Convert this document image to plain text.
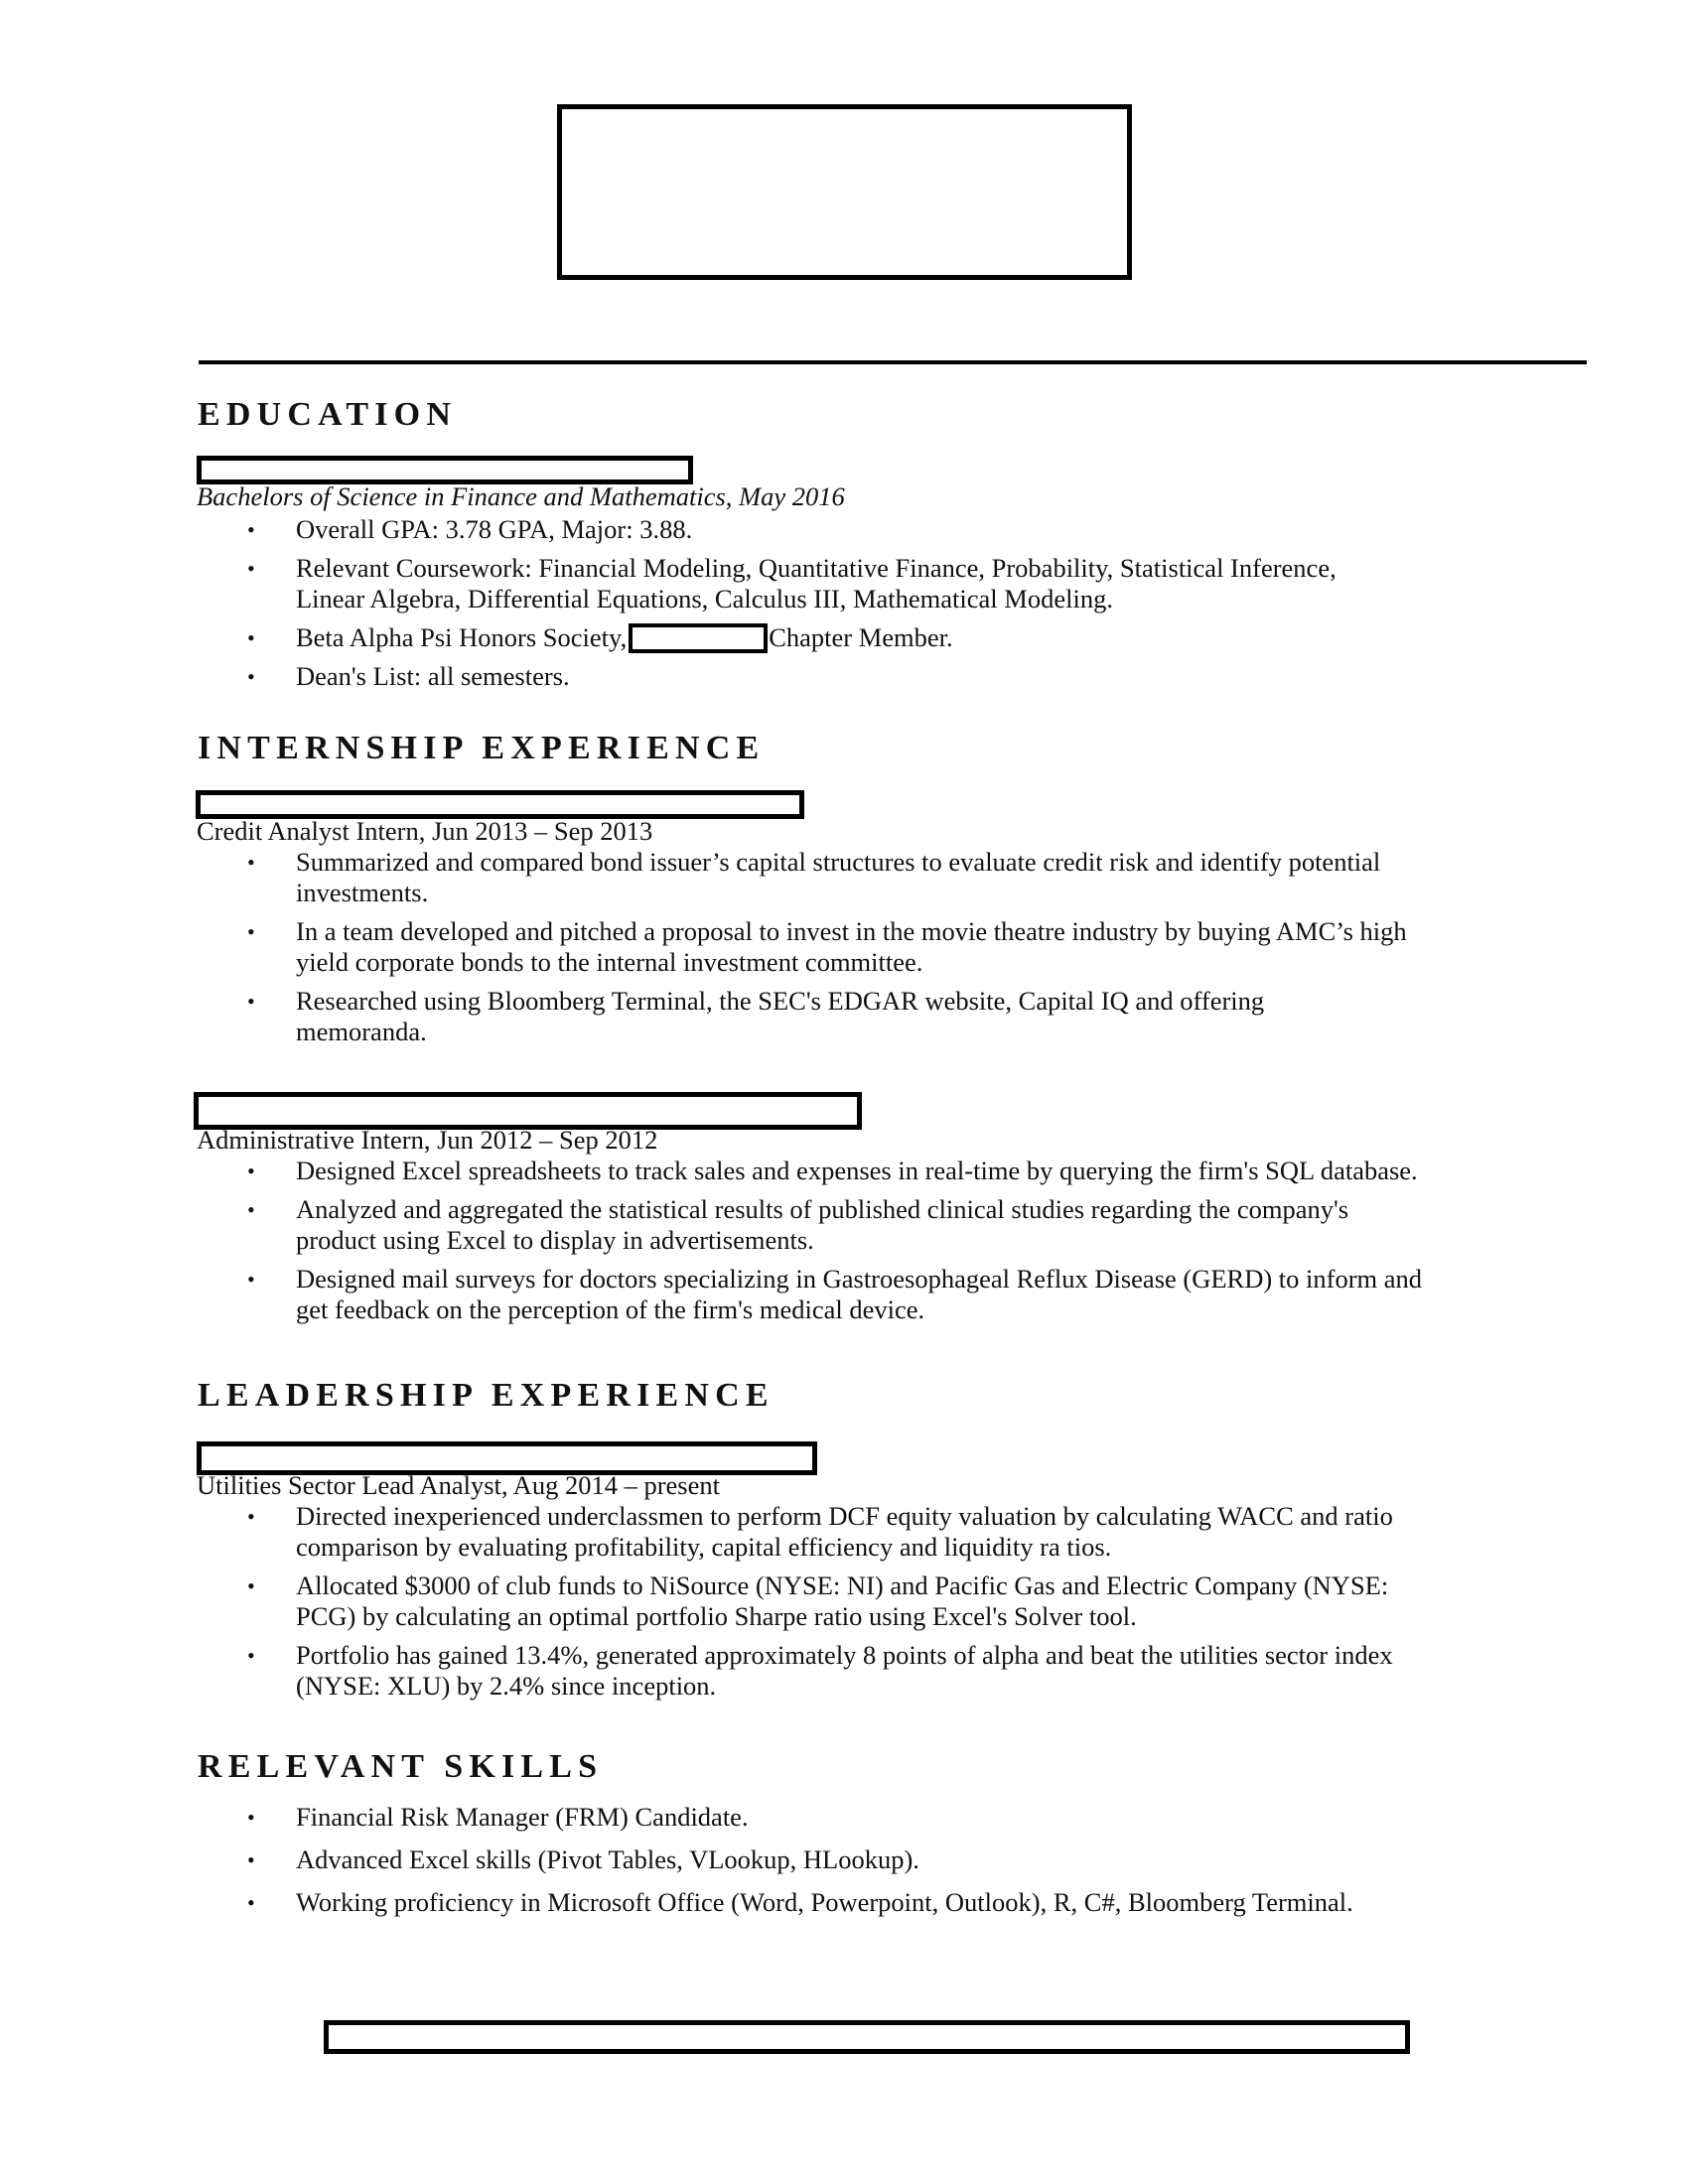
EDUCATION
Bachelors of Science in Finance and Mathematics, May 2016
• Overall GPA: 3.78 GPA, Major: 3.88.
• Relevant Coursework: Financial Modeling, Quantitative Finance, Probability, Statistical Inference, Linear Algebra, Differential Equations, Calculus III, Mathematical Modeling.
• Beta Alpha Psi Honors Society,	Chapter Member.
• Dean's List: all semesters.
INTERNSHIP EXPERIENCE
Credit Analyst Intern, Jun 2013 – Sep 2013
• Summarized and compared bond issuer’s capital structures to evaluate credit risk and identify potential investments.
• In a team developed and pitched a proposal to invest in the movie theatre industry by buying AMC’s high yield corporate bonds to the internal investment committee.
• Researched using Bloomberg Terminal, the SEC's EDGAR website, Capital IQ and offering memoranda.
Administrative Intern, Jun 2012 – Sep 2012
• Designed Excel spreadsheets to track sales and expenses in real-time by querying the firm's SQL database.
• Analyzed and aggregated the statistical results of published clinical studies regarding the company's product using Excel to display in advertisements.
• Designed mail surveys for doctors specializing in Gastroesophageal Reflux Disease (GERD) to inform and get feedback on the perception of the firm's medical device.
LEADERSHIP EXPERIENCE
Utilities Sector Lead Analyst, Aug 2014 – present
• Directed inexperienced underclassmen to perform DCF equity valuation by calculating WACC and ratio comparison by evaluating profitability, capital efficiency and liquidity ra tios.
• Allocated $3000 of club funds to NiSource (NYSE: NI) and Pacific Gas and Electric Company (NYSE: PCG) by calculating an optimal portfolio Sharpe ratio using Excel's Solver tool.
• Portfolio has gained 13.4%, generated approximately 8 points of alpha and beat the utilities sector index (NYSE: XLU) by 2.4% since inception.
RELEVANT SKILLS
• Financial Risk Manager (FRM) Candidate.
• Advanced Excel skills (Pivot Tables, VLookup, HLookup).
• Working proficiency in Microsoft Office (Word, Powerpoint, Outlook), R, C#, Bloomberg Terminal.
